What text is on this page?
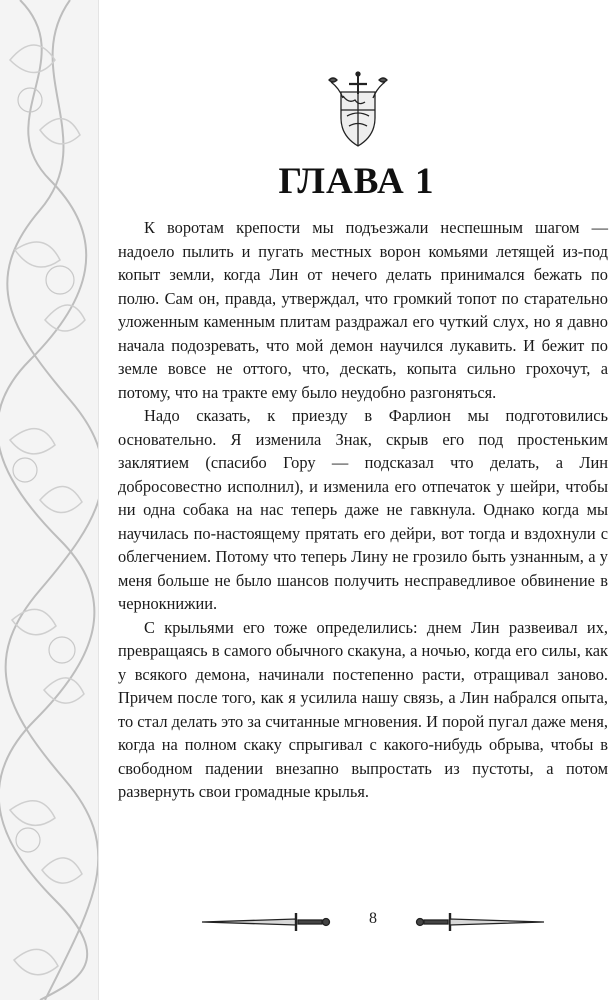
ГЛАВА 1

К воротам крепости мы подъезжали неспешным шагом — надоело пылить и пугать местных ворон комьями летящей из-под копыт земли, когда Лин от нечего делать принимался бежать по полю. Сам он, правда, утверждал, что громкий топот по старательно уложенным каменным плитам раздражал его чуткий слух, но я давно начала подозревать, что мой демон научился лукавить. И бежит по земле вовсе не оттого, что, дескать, копыта сильно грохочут, а потому, что на тракте ему было неудобно разгоняться.

Надо сказать, к приезду в Фарлион мы подготовились основательно. Я изменила Знак, скрыв его под простеньким заклятием (спасибо Гору — подсказал что делать, а Лин добросовестно исполнил), и изменила его отпечаток у шейри, чтобы ни одна собака на нас теперь даже не гавкнула. Однако когда мы научилась по-настоящему прятать его дейри, вот тогда и вздохнули с облегчением. Потому что теперь Лину не грозило быть узнанным, а у меня больше не было шансов получить несправедливое обвинение в чернокнижии.

С крыльями его тоже определились: днем Лин развеивал их, превращаясь в самого обычного скакуна, а ночью, когда его силы, как у всякого демона, начинали постепенно расти, отращивал заново. Причем после того, как я усилила нашу связь, а Лин набрался опыта, то стал делать это за считанные мгновения. И порой пугал даже меня, когда на полном скаку спрыгивал с какого-нибудь обрыва, чтобы в свободном падении внезапно выпростать из пустоты, а потом развернуть свои громадные крылья.

8
